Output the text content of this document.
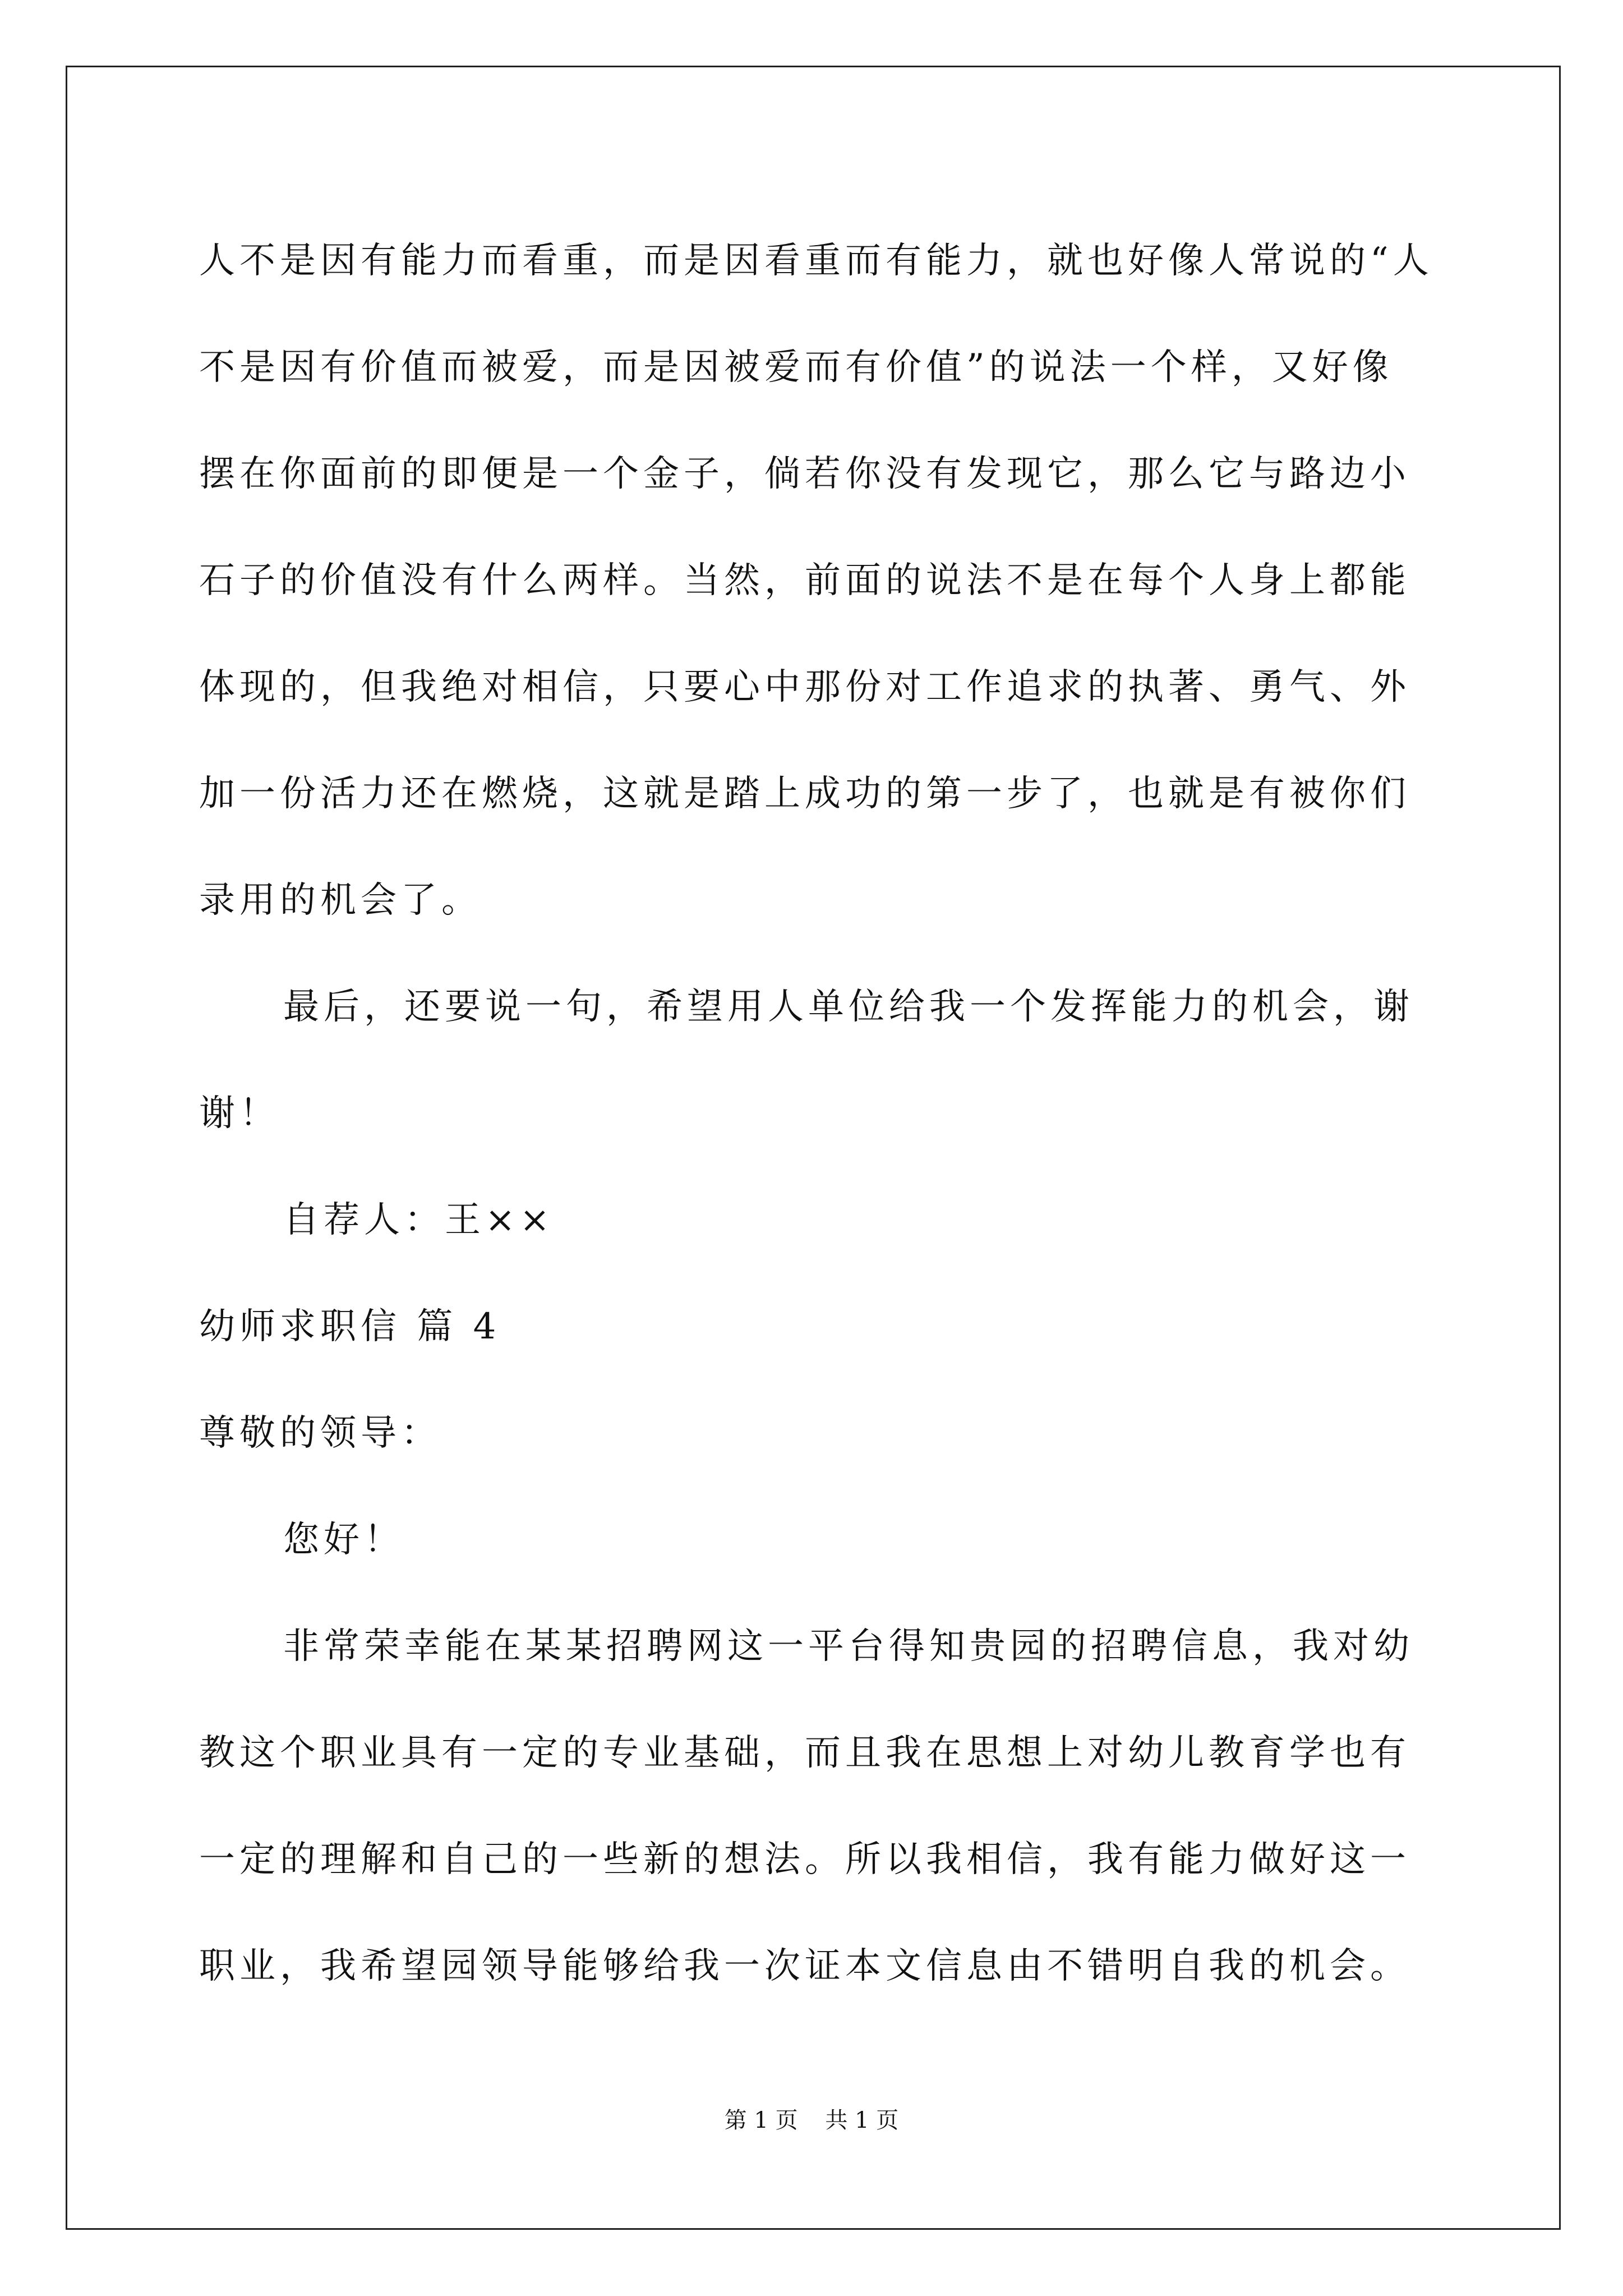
人不是因有能力而看重，而是因看重而有能力，就也好像人常说的“人
不是因有价值而被爱，而是因被爱而有价值”的说法一个样，又好像
摆在你面前的即便是一个金子，倘若你没有发现它，那么它与路边小
石子的价值没有什么两样。当然，前面的说法不是在每个人身上都能
体现的，但我绝对相信，只要心中那份对工作追求的执著、勇气、外
加一份活力还在燃烧，这就是踏上成功的第一步了，也就是有被你们
录用的机会了。
最后，还要说一句，希望用人单位给我一个发挥能力的机会，谢
谢！
自荐人：王××
幼师求职信 篇 4
尊敬的领导：
您好！
非常荣幸能在某某招聘网这一平台得知贵园的招聘信息，我对幼
教这个职业具有一定的专业基础，而且我在思想上对幼儿教育学也有
一定的理解和自己的一些新的想法。所以我相信，我有能力做好这一
职业，我希望园领导能够给我一次证本文信息由不错明自我的机会。
第 1 页 共 1 页
